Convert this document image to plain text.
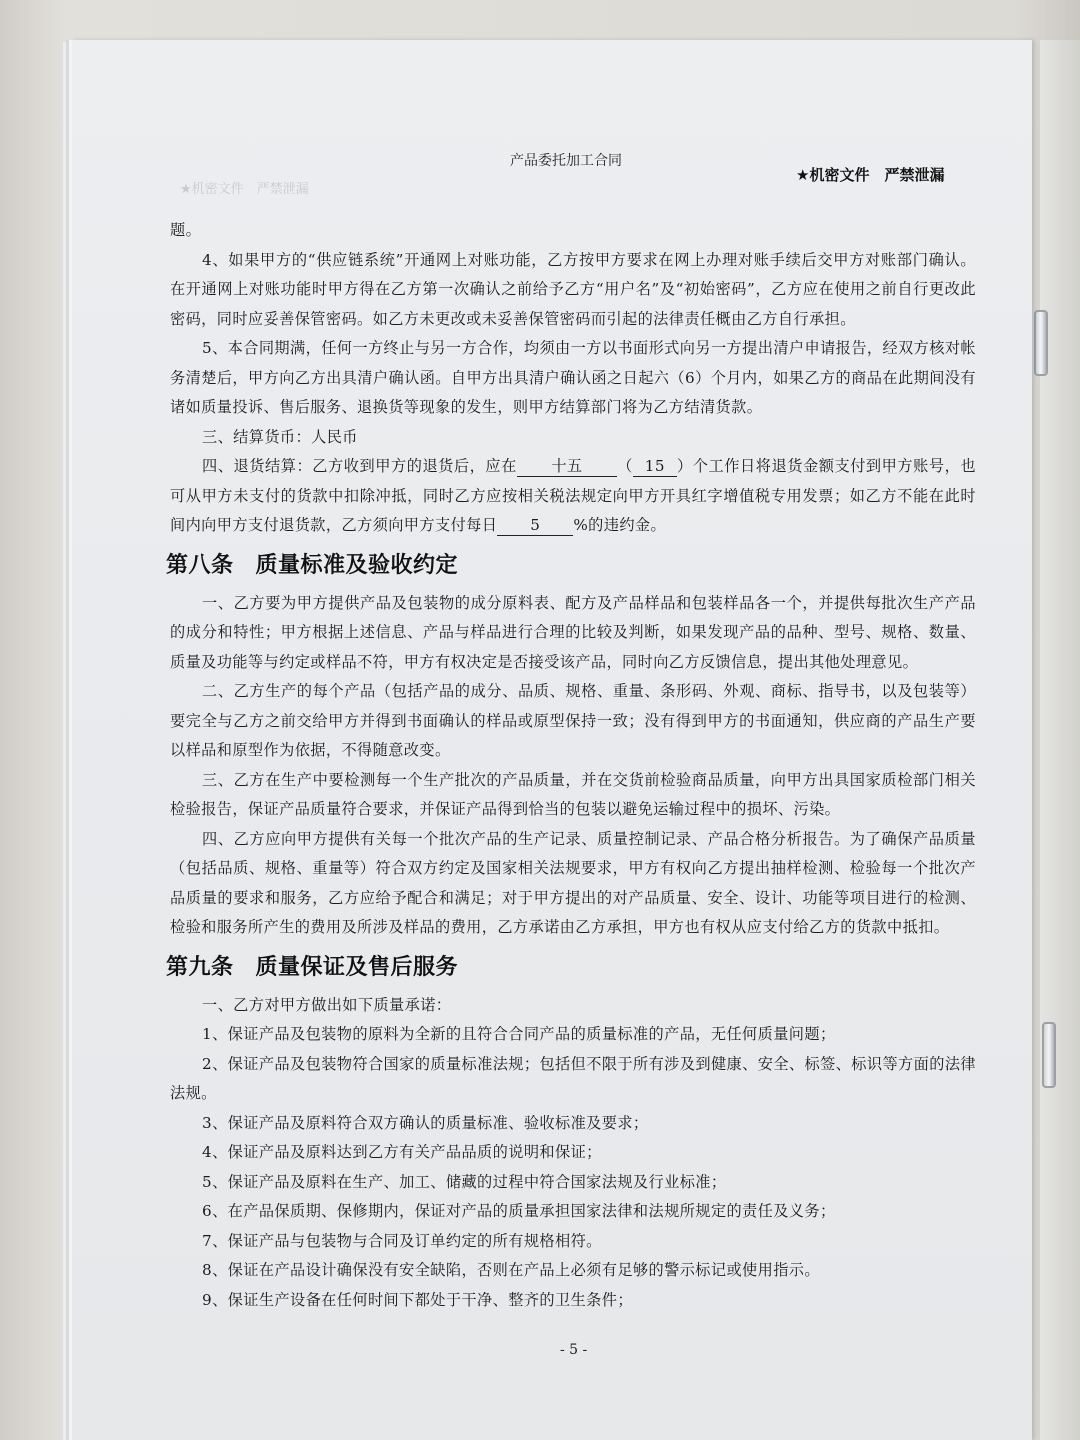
产品委托加工合同
★机密文件　严禁泄漏
★机密文件　严禁泄漏

题。

4、如果甲方的“供应链系统”开通网上对账功能，乙方按甲方要求在网上办理对账手续后交甲方对账部门确认。在开通网上对账功能时甲方得在乙方第一次确认之前给予乙方“用户名”及“初始密码”，乙方应在使用之前自行更改此密码，同时应妥善保管密码。如乙方未更改或未妥善保管密码而引起的法律责任概由乙方自行承担。

5、本合同期满，任何一方终止与另一方合作，均须由一方以书面形式向另一方提出清户申请报告，经双方核对帐务清楚后，甲方向乙方出具清户确认函。自甲方出具清户确认函之日起六（6）个月内，如果乙方的商品在此期间没有诸如质量投诉、售后服务、退换货等现象的发生，则甲方结算部门将为乙方结清货款。

三、结算货币：人民币

四、退货结算：乙方收到甲方的退货后，应在 十五 （ 15 ）个工作日将退货金额支付到甲方账号，也可从甲方未支付的货款中扣除冲抵，同时乙方应按相关税法规定向甲方开具红字增值税专用发票；如乙方不能在此时间内向甲方支付退货款，乙方须向甲方支付每日 5 %的违约金。

第八条 质量标准及验收约定

一、乙方要为甲方提供产品及包装物的成分原料表、配方及产品样品和包装样品各一个，并提供每批次生产产品的成分和特性；甲方根据上述信息、产品与样品进行合理的比较及判断，如果发现产品的品种、型号、规格、数量、质量及功能等与约定或样品不符，甲方有权决定是否接受该产品，同时向乙方反馈信息，提出其他处理意见。

二、乙方生产的每个产品（包括产品的成分、品质、规格、重量、条形码、外观、商标、指导书，以及包装等）要完全与乙方之前交给甲方并得到书面确认的样品或原型保持一致；没有得到甲方的书面通知，供应商的产品生产要以样品和原型作为依据，不得随意改变。

三、乙方在生产中要检测每一个生产批次的产品质量，并在交货前检验商品质量，向甲方出具国家质检部门相关检验报告，保证产品质量符合要求，并保证产品得到恰当的包装以避免运输过程中的损坏、污染。

四、乙方应向甲方提供有关每一个批次产品的生产记录、质量控制记录、产品合格分析报告。为了确保产品质量（包括品质、规格、重量等）符合双方约定及国家相关法规要求，甲方有权向乙方提出抽样检测、检验每一个批次产品质量的要求和服务，乙方应给予配合和满足；对于甲方提出的对产品质量、安全、设计、功能等项目进行的检测、检验和服务所产生的费用及所涉及样品的费用，乙方承诺由乙方承担，甲方也有权从应支付给乙方的货款中抵扣。

第九条 质量保证及售后服务

一、乙方对甲方做出如下质量承诺：

1、保证产品及包装物的原料为全新的且符合合同产品的质量标准的产品，无任何质量问题；

2、保证产品及包装物符合国家的质量标准法规；包括但不限于所有涉及到健康、安全、标签、标识等方面的法律法规。

3、保证产品及原料符合双方确认的质量标准、验收标准及要求；

4、保证产品及原料达到乙方有关产品品质的说明和保证；

5、保证产品及原料在生产、加工、储藏的过程中符合国家法规及行业标准；

6、在产品保质期、保修期内，保证对产品的质量承担国家法律和法规所规定的责任及义务；

7、保证产品与包装物与合同及订单约定的所有规格相符。

8、保证在产品设计确保没有安全缺陷，否则在产品上必须有足够的警示标记或使用指示。

9、保证生产设备在任何时间下都处于干净、整齐的卫生条件；

- 5 -
